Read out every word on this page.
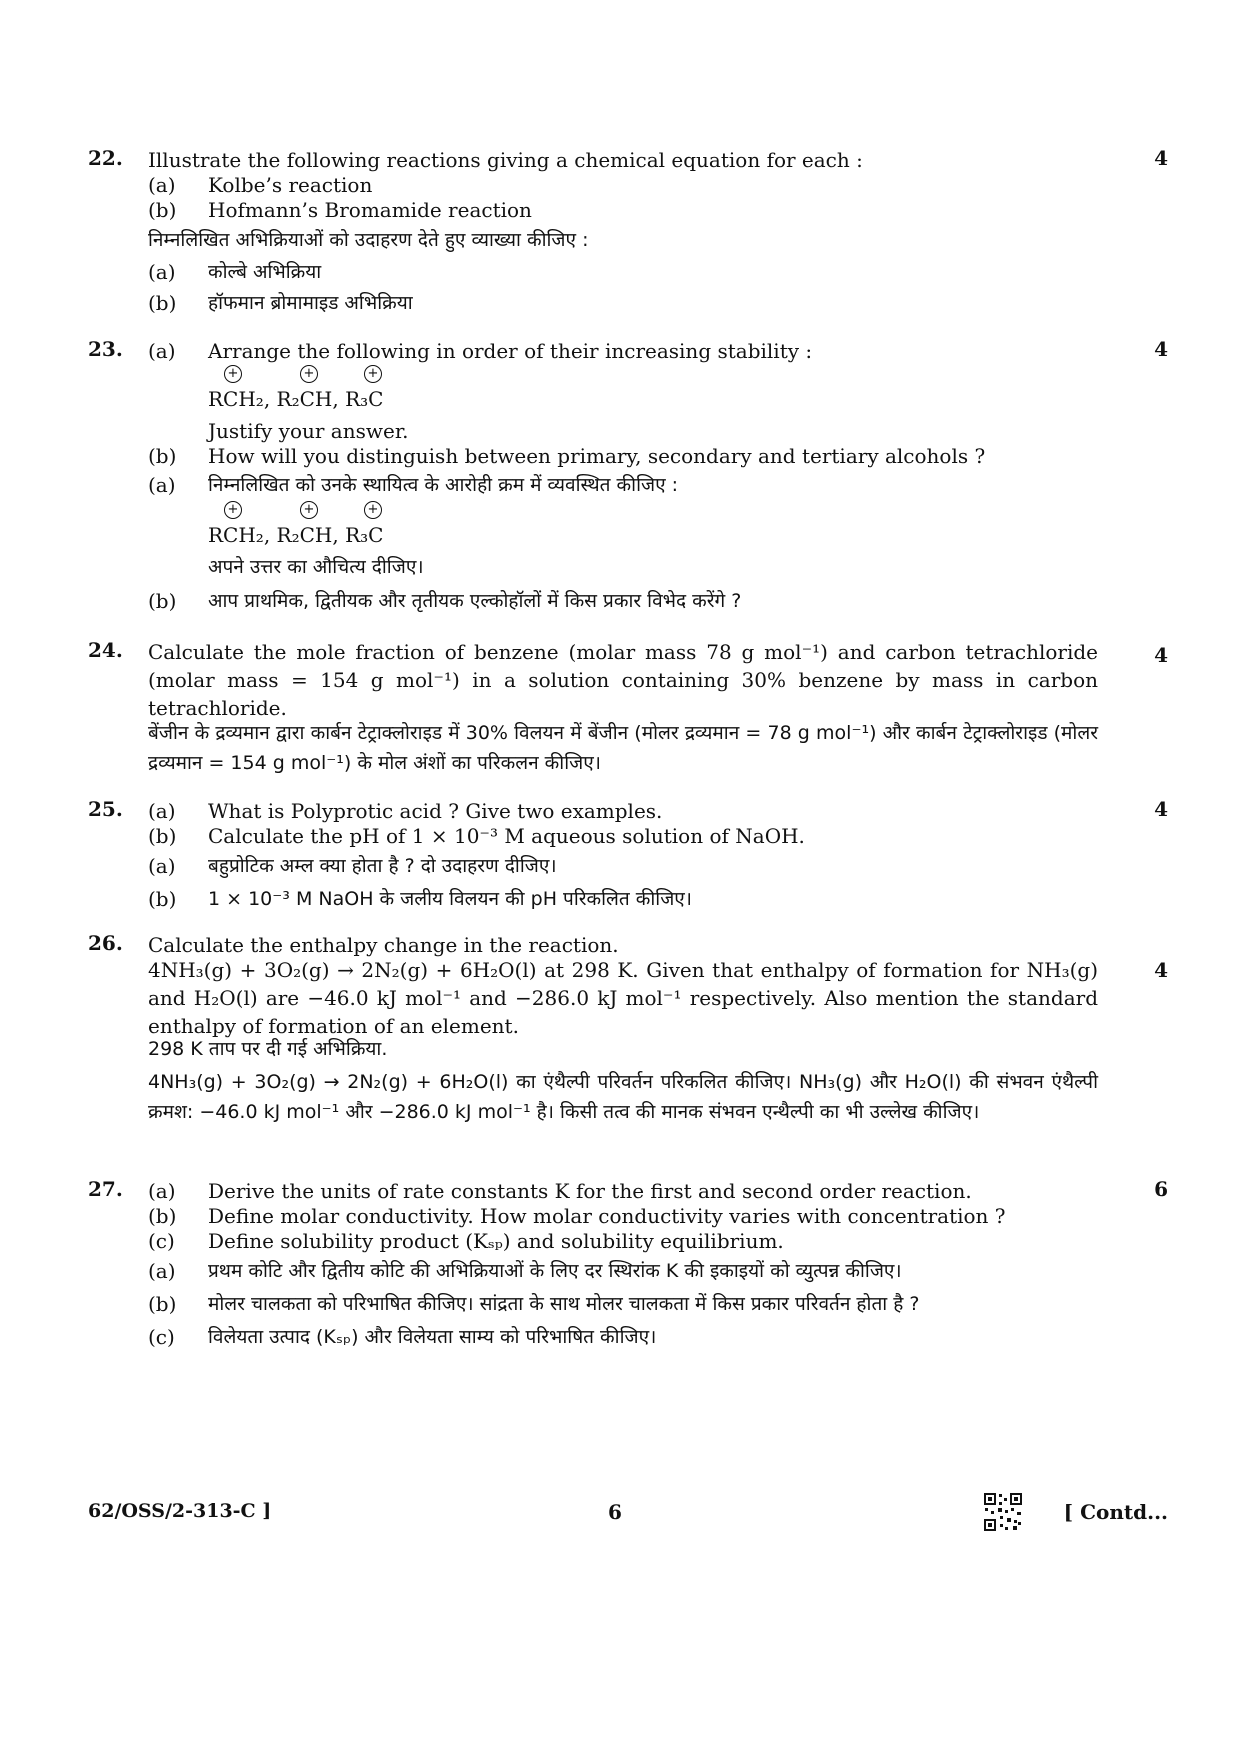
22.	4
Illustrate the following reactions giving a chemical equation for each :
(a) Kolbe’s reaction
(b) Hofmann’s Bromamide reaction
निम्नलिखित अभिक्रियाओं को उदाहरण देते हुए व्याख्या कीजिए :
(a) कोल्बे अभिक्रिया
(b) हॉफमान ब्रोमामाइड अभिक्रिया
23.	4
(a) Arrange the following in order of their increasing stability :
RCH₂, R₂CH, R₃C
+	+	+
Justify your answer.
(b) How will you distinguish between primary, secondary and tertiary alcohols ?
(a) निम्नलिखित को उनके स्थायित्व के आरोही क्रम में व्यवस्थित कीजिए :
RCH₂, R₂CH, R₃C
+	+	+
अपने उत्तर का औचित्य दीजिए।
(b) आप प्राथमिक, द्वितीयक और तृतीयक एल्कोहॉलों में किस प्रकार विभेद करेंगे ?
24.	4
Calculate the mole fraction of benzene (molar mass 78 g mol⁻¹) and carbon tetrachloride (molar mass = 154 g mol⁻¹) in a solution containing 30% benzene by mass in carbon tetrachloride.
बेंजीन के द्रव्यमान द्वारा कार्बन टेट्राक्लोराइड में 30% विलयन में बेंजीन (मोलर द्रव्यमान = 78 g mol⁻¹) और कार्बन टेट्राक्लोराइड (मोलर द्रव्यमान = 154 g mol⁻¹) के मोल अंशों का परिकलन कीजिए।
25.	4
(a) What is Polyprotic acid ? Give two examples.
(b) Calculate the pH of 1 × 10⁻³ M aqueous solution of NaOH.
(a) बहुप्रोटिक अम्ल क्या होता है ? दो उदाहरण दीजिए।
(b) 1 × 10⁻³ M NaOH के जलीय विलयन की pH परिकलित कीजिए।
26.
4
Calculate the enthalpy change in the reaction.
4NH₃(g) + 3O₂(g) → 2N₂(g) + 6H₂O(l) at 298 K. Given that enthalpy of formation for NH₃(g) and H₂O(l) are −46.0 kJ mol⁻¹ and −286.0 kJ mol⁻¹ respectively. Also mention the standard enthalpy of formation of an element.
298 K ताप पर दी गई अभिक्रिया.
4NH₃(g) + 3O₂(g) → 2N₂(g) + 6H₂O(l) का एंथैल्पी परिवर्तन परिकलित कीजिए। NH₃(g) और H₂O(l) की संभवन एंथैल्पी क्रमश: −46.0 kJ mol⁻¹ और −286.0 kJ mol⁻¹ है। किसी तत्व की मानक संभवन एन्थैल्पी का भी उल्लेख कीजिए।
27.	6
(a) Derive the units of rate constants K for the first and second order reaction.
(b) Define molar conductivity. How molar conductivity varies with concentration ?
(c) Define solubility product (Kₛₚ) and solubility equilibrium.
(a) प्रथम कोटि और द्वितीय कोटि की अभिक्रियाओं के लिए दर स्थिरांक K की इकाइयों को व्युत्पन्न कीजिए।
(b) मोलर चालकता को परिभाषित कीजिए। सांद्रता के साथ मोलर चालकता में किस प्रकार परिवर्तन होता है ?
(c) विलेयता उत्पाद (Kₛₚ) और विलेयता साम्य को परिभाषित कीजिए।
62/OSS/2-313-C ]	6	[ Contd...
